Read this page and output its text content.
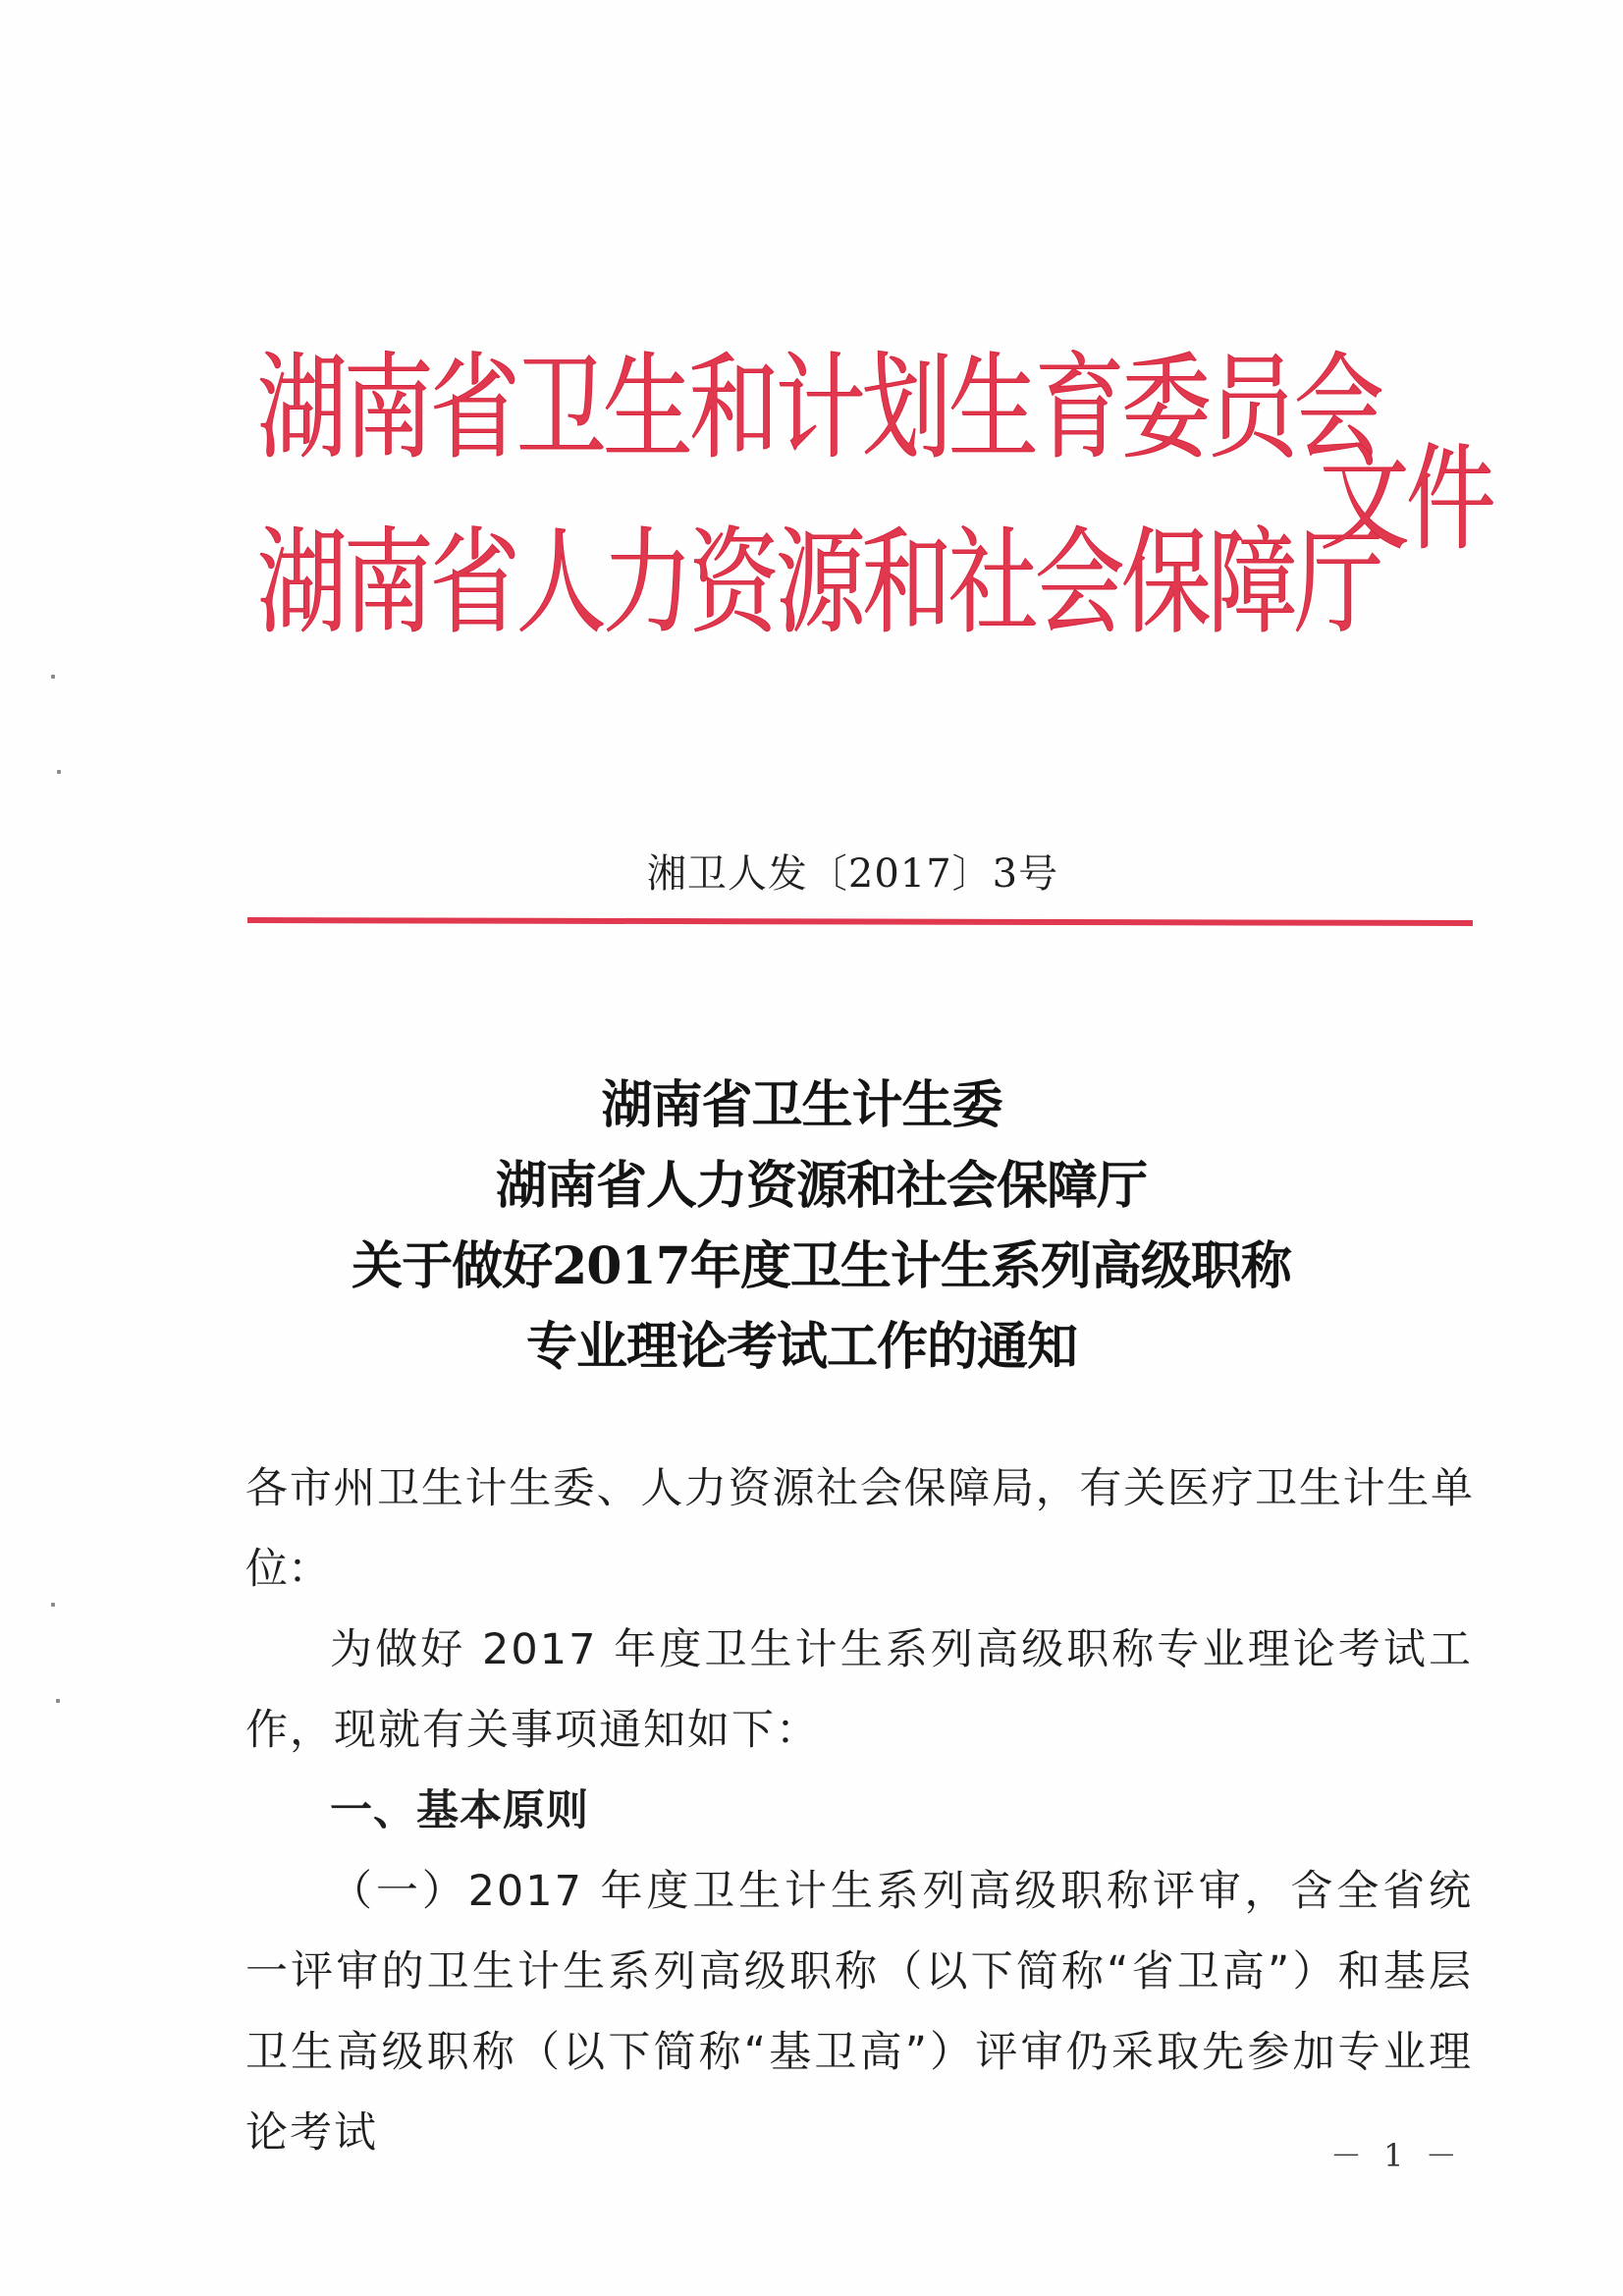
湖南省卫生和计划生育委员会
湖南省人力资源和社会保障厅
文件
湘卫人发〔2017〕3号
湖南省卫生计生委
湖南省人力资源和社会保障厅
关于做好2017年度卫生计生系列高级职称
专业理论考试工作的通知

各市州卫生计生委、人力资源社会保障局，有关医疗卫生计生单位：

为做好 2017 年度卫生计生系列高级职称专业理论考试工作，现就有关事项通知如下：

一、基本原则

（一）2017 年度卫生计生系列高级职称评审，含全省统一评审的卫生计生系列高级职称（以下简称“省卫高”）和基层卫生高级职称（以下简称“基卫高”）评审仍采取先参加专业理论考试	－ 1 －
